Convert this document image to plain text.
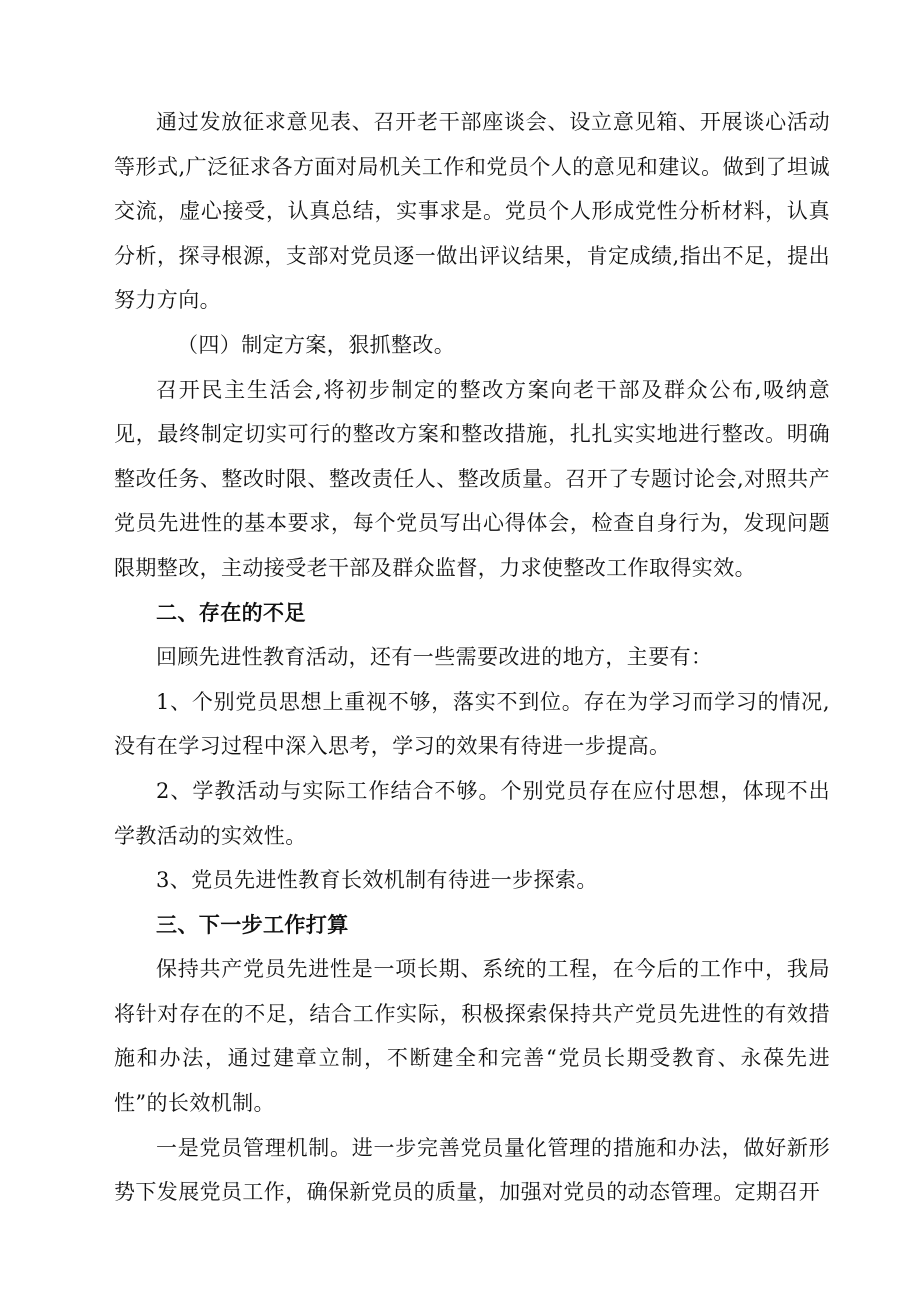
通过发放征求意见表、召开老干部座谈会、设立意见箱、开展谈心活动等形式,广泛征求各方面对局机关工作和党员个人的意见和建议。做到了坦诚交流，虚心接受，认真总结，实事求是。党员个人形成党性分析材料，认真分析，探寻根源，支部对党员逐一做出评议结果，肯定成绩,指出不足，提出努力方向。

（四）制定方案，狠抓整改。

召开民主生活会,将初步制定的整改方案向老干部及群众公布,吸纳意见，最终制定切实可行的整改方案和整改措施，扎扎实实地进行整改。明确整改任务、整改时限、整改责任人、整改质量。召开了专题讨论会,对照共产党员先进性的基本要求，每个党员写出心得体会，检查自身行为，发现问题限期整改，主动接受老干部及群众监督，力求使整改工作取得实效。

二、存在的不足

回顾先进性教育活动，还有一些需要改进的地方，主要有：

1、个别党员思想上重视不够，落实不到位。存在为学习而学习的情况,没有在学习过程中深入思考，学习的效果有待进一步提高。

2、学教活动与实际工作结合不够。个别党员存在应付思想，体现不出学教活动的实效性。

3、党员先进性教育长效机制有待进一步探索。

三、下一步工作打算

保持共产党员先进性是一项长期、系统的工程，在今后的工作中，我局将针对存在的不足，结合工作实际，积极探索保持共产党员先进性的有效措施和办法，通过建章立制，不断建全和完善“党员长期受教育、永葆先进性”的长效机制。

一是党员管理机制。进一步完善党员量化管理的措施和办法，做好新形势下发展党员工作，确保新党员的质量，加强对党员的动态管理。定期召开
